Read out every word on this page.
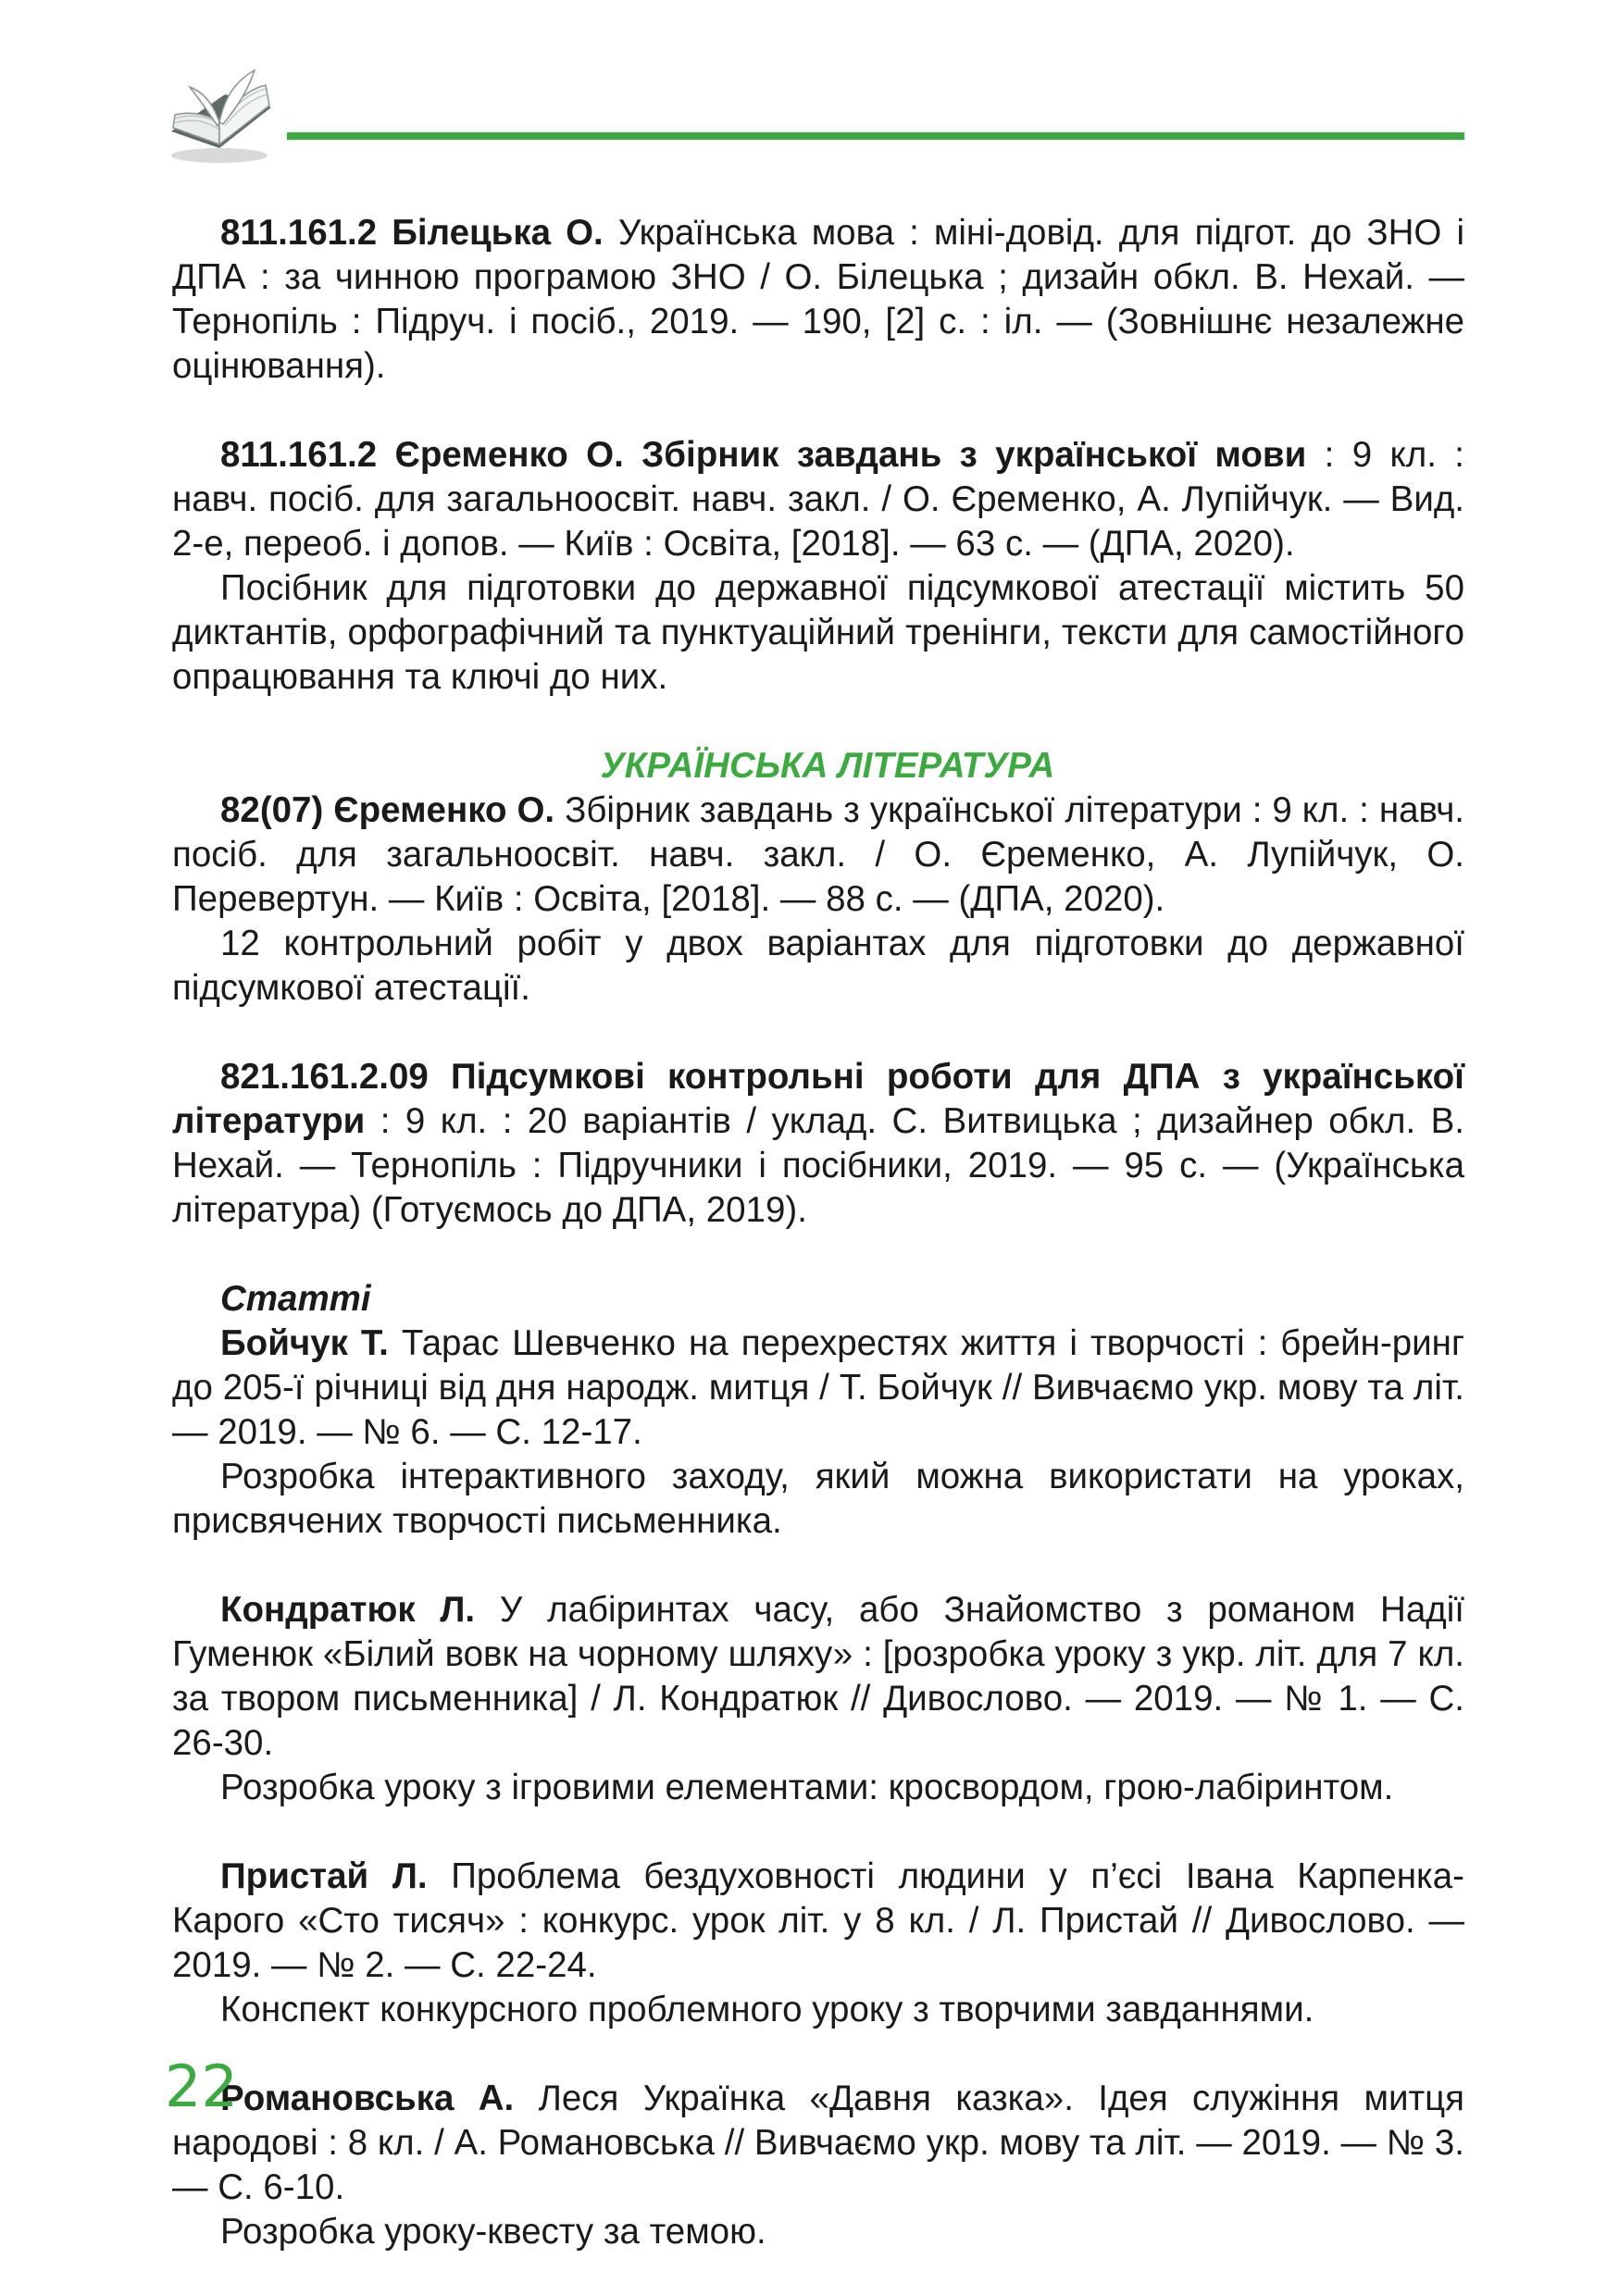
811.161.2 Білецька О. Українська мова : міні-довід. для підгот. до ЗНО і ДПА : за чинною програмою ЗНО / О. Білецька ; дизайн обкл. В. Нехай. — Тернопіль : Підруч. і посіб., 2019. — 190, [2] с. : іл. — (Зовнішнє незалежне оцінювання).

811.161.2 Єременко О. Збірник завдань з української мови : 9 кл. : навч. посіб. для загальноосвіт. навч. закл. / О. Єременко, А. Лупійчук. — Вид. 2-е, переоб. і допов. — Київ : Освіта, [2018]. — 63 с. — (ДПА, 2020).

Посібник для підготовки до державної підсумкової атестації містить 50 диктантів, орфографічний та пунктуаційний тренінги, тексти для самостійного опрацювання та ключі до них.

УКРАЇНСЬКА ЛІТЕРАТУРА

82(07) Єременко О. Збірник завдань з української літератури : 9 кл. : навч. посіб. для загальноосвіт. навч. закл. / О. Єременко, А. Лупійчук, О. Перевертун. — Київ : Освіта, [2018]. — 88 с. — (ДПА, 2020).

12 контрольний робіт у двох варіантах для підготовки до державної підсумкової атестації.

821.161.2.09 Підсумкові контрольні роботи для ДПА з української літератури : 9 кл. : 20 варіантів / уклад. С. Витвицька ; дизайнер обкл. В. Нехай. — Тернопіль : Підручники і посібники, 2019. — 95 с. — (Українська література) (Готуємось до ДПА, 2019).

Статті

Бойчук Т. Тарас Шевченко на перехрестях життя і творчості : брейн-ринг до 205-ї річниці від дня народж. митця / Т. Бойчук // Вивчаємо укр. мову та літ. — 2019. — № 6. — С. 12-17.

Розробка інтерактивного заходу, який можна використати на уроках, присвячених творчості письменника.

Кондратюк Л. У лабіринтах часу, або Знайомство з романом Надії Гуменюк «Білий вовк на чорному шляху» : [розробка уроку з укр. літ. для 7 кл. за твором письменника] / Л. Кондратюк // Дивослово. — 2019. — № 1. — С. 26-30.

Розробка уроку з ігровими елементами: кросвордом, грою-лабіринтом.

Пристай Л. Проблема бездуховності людини у п’єсі Івана Карпенка-Карого «Сто тисяч» : конкурс. урок літ. у 8 кл. / Л. Пристай // Дивослово. — 2019. — № 2. — С. 22-24.

Конспект конкурсного проблемного уроку з творчими завданнями.

Романовська А. Леся Українка «Давня казка». Ідея служіння митця народові : 8 кл. / А. Романовська // Вивчаємо укр. мову та літ. — 2019. — № 3. — С. 6-10.

Розробка уроку-квесту за темою.

22
